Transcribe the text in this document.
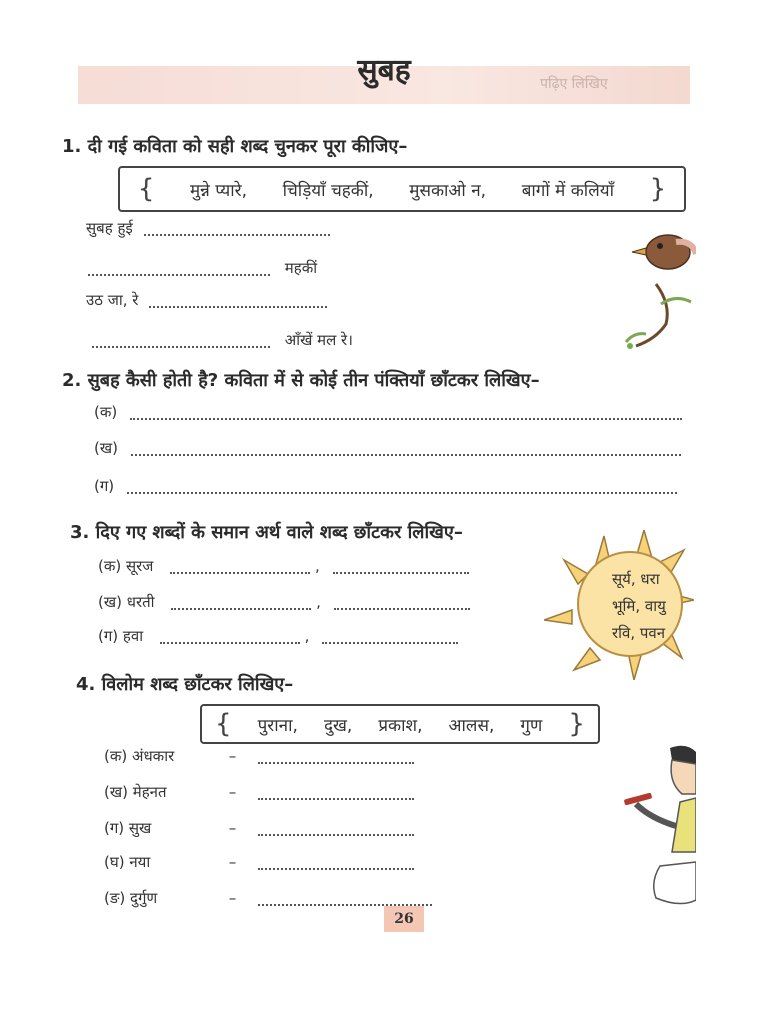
पढ़िए लिखिए
सुबह
1. दी गई कविता को सही शब्द चुनकर पूरा कीजिए–
{ मुन्ने प्यारे, चिड़ियाँ चहकीं, मुसकाओ न, बागों में कलियाँ }
सुबह हुई
महकीं
उठ जा, रे
आँखें मल रे।
2. सुबह कैसी होती है? कविता में से कोई तीन पंक्तियाँ छाँटकर लिखिए–
(क)
(ख)
(ग)
3. दिए गए शब्दों के समान अर्थ वाले शब्द छाँटकर लिखिए–
(क) सूरज	,
(ख) धरती	,
(ग) हवा	,
सूर्य, धरा
भूमि, वायु
रवि, पवन
4. विलोम शब्द छाँटकर लिखिए–
{ पुराना, दुख, प्रकाश, आलस, गुण }
(क) अंधकार	–
(ख) मेहनत	–
(ग) सुख	–
(घ) नया	–
(ङ) दुर्गुण	–
26
